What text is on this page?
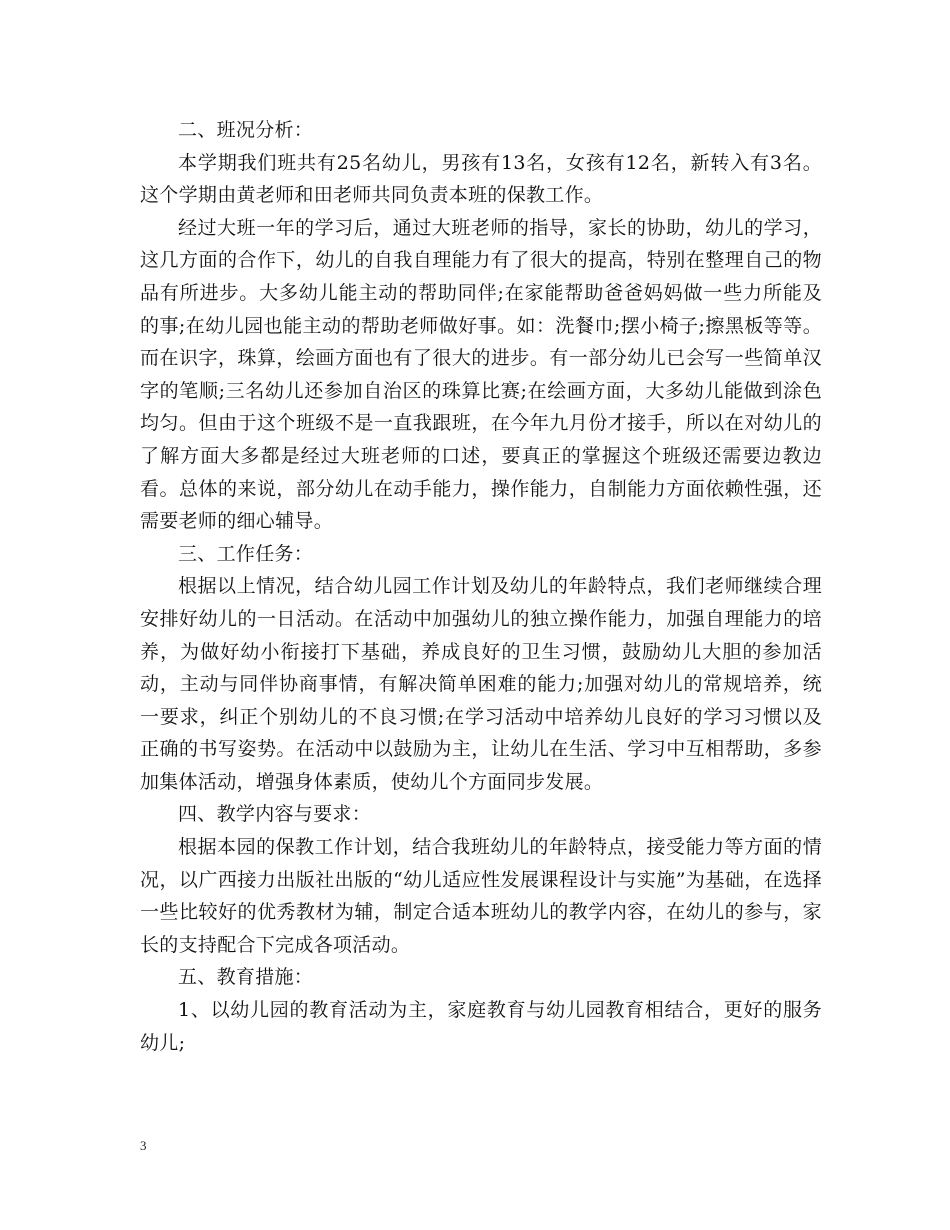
二、班况分析：

本学期我们班共有25名幼儿，男孩有13名，女孩有12名，新转入有3名。这个学期由黄老师和田老师共同负责本班的保教工作。

经过大班一年的学习后，通过大班老师的指导，家长的协助，幼儿的学习，这几方面的合作下，幼儿的自我自理能力有了很大的提高，特别在整理自己的物品有所进步。大多幼儿能主动的帮助同伴;在家能帮助爸爸妈妈做一些力所能及的事;在幼儿园也能主动的帮助老师做好事。如：洗餐巾;摆小椅子;擦黑板等等。而在识字，珠算，绘画方面也有了很大的进步。有一部分幼儿已会写一些简单汉字的笔顺;三名幼儿还参加自治区的珠算比赛;在绘画方面，大多幼儿能做到涂色均匀。但由于这个班级不是一直我跟班，在今年九月份才接手，所以在对幼儿的了解方面大多都是经过大班老师的口述，要真正的掌握这个班级还需要边教边看。总体的来说，部分幼儿在动手能力，操作能力，自制能力方面依赖性强，还需要老师的细心辅导。

三、工作任务：

根据以上情况，结合幼儿园工作计划及幼儿的年龄特点，我们老师继续合理安排好幼儿的一日活动。在活动中加强幼儿的独立操作能力，加强自理能力的培养，为做好幼小衔接打下基础，养成良好的卫生习惯，鼓励幼儿大胆的参加活动，主动与同伴协商事情，有解决简单困难的能力;加强对幼儿的常规培养，统一要求，纠正个别幼儿的不良习惯;在学习活动中培养幼儿良好的学习习惯以及正确的书写姿势。在活动中以鼓励为主，让幼儿在生活、学习中互相帮助，多参加集体活动，增强身体素质，使幼儿个方面同步发展。

四、教学内容与要求：

根据本园的保教工作计划，结合我班幼儿的年龄特点，接受能力等方面的情况，以广西接力出版社出版的“幼儿适应性发展课程设计与实施”为基础，在选择一些比较好的优秀教材为辅，制定合适本班幼儿的教学内容，在幼儿的参与，家长的支持配合下完成各项活动。

五、教育措施：

1、以幼儿园的教育活动为主，家庭教育与幼儿园教育相结合，更好的服务幼儿;

3
